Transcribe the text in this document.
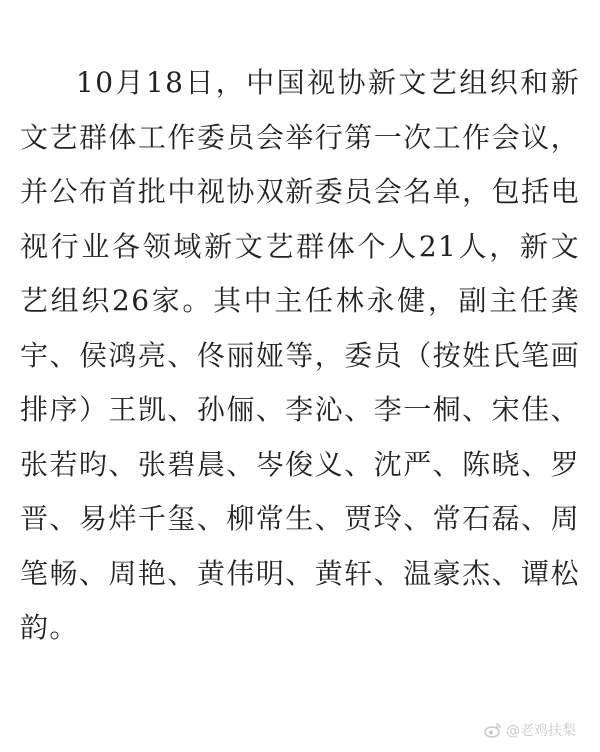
10月18日，中国视协新文艺组织和新文艺群体工作委员会举行第一次工作会议，并公布首批中视协双新委员会名单，包括电视行业各领域新文艺群体个人21人，新文艺组织26家。其中主任林永健，副主任龚宇、侯鸿亮、佟丽娅等，委员（按姓氏笔画排序）王凯、孙俪、李沁、李一桐、宋佳、张若昀、张碧晨、岑俊义、沈严、陈晓、罗晋、易烊千玺、柳常生、贾玲、常石磊、周笔畅、周艳、黄伟明、黄轩、温豪杰、谭松韵。

@老鸡扶梨
